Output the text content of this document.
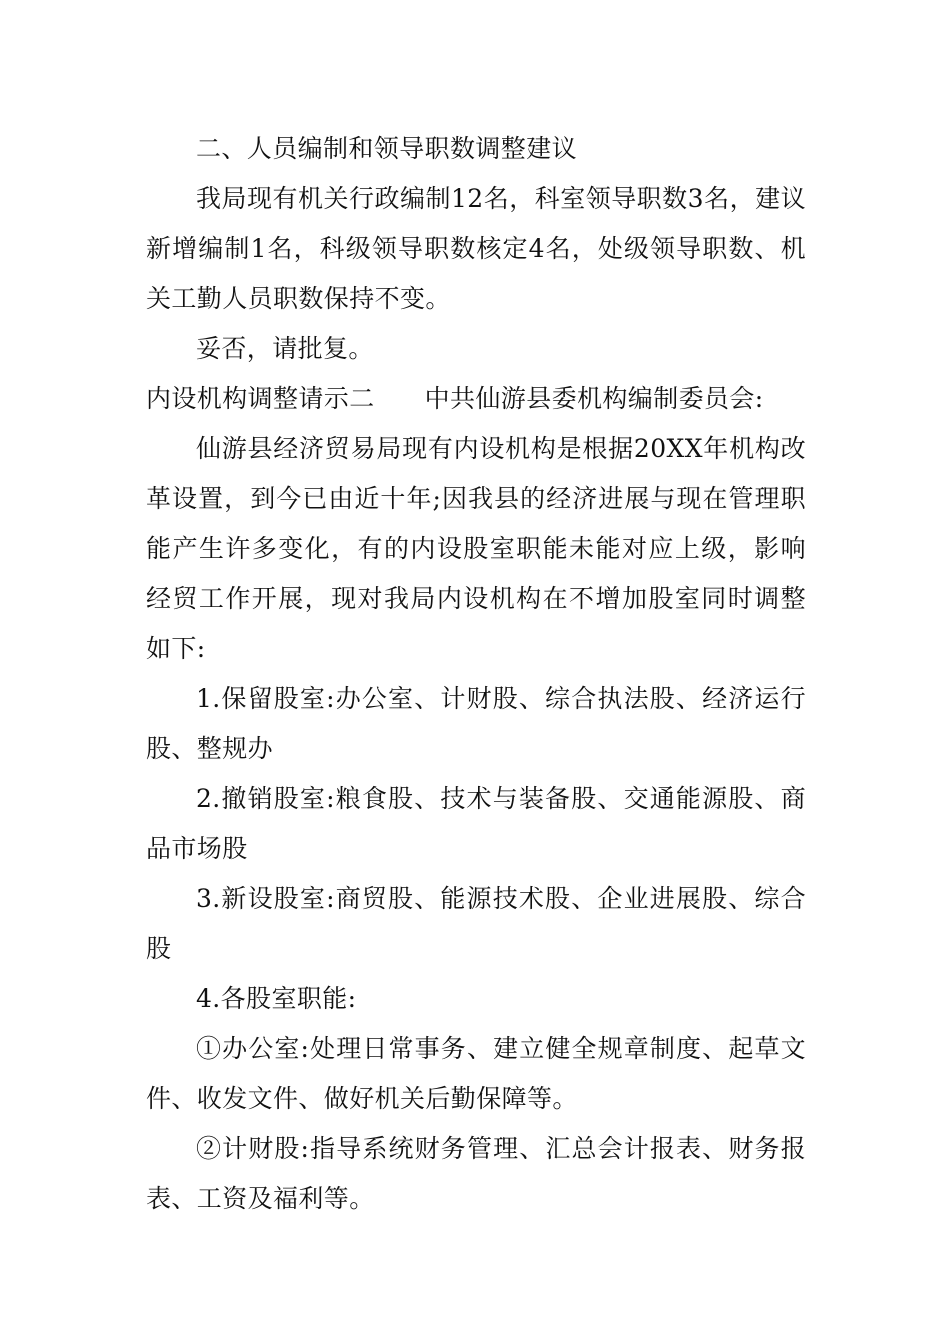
二、人员编制和领导职数调整建议

我局现有机关行政编制12名，科室领导职数3名，建议新增编制1名，科级领导职数核定4名，处级领导职数、机关工勤人员职数保持不变。

妥否，请批复。

内设机构调整请示二 中共仙游县委机构编制委员会:

仙游县经济贸易局现有内设机构是根据20XX年机构改革设置，到今已由近十年;因我县的经济进展与现在管理职能产生许多变化，有的内设股室职能未能对应上级，影响经贸工作开展，现对我局内设机构在不增加股室同时调整如下:

1.保留股室:办公室、计财股、综合执法股、经济运行股、整规办

2.撤销股室:粮食股、技术与装备股、交通能源股、商品市场股

3.新设股室:商贸股、能源技术股、企业进展股、综合股

4.各股室职能:

①办公室:处理日常事务、建立健全规章制度、起草文件、收发文件、做好机关后勤保障等。

②计财股:指导系统财务管理、汇总会计报表、财务报表、工资及福利等。
